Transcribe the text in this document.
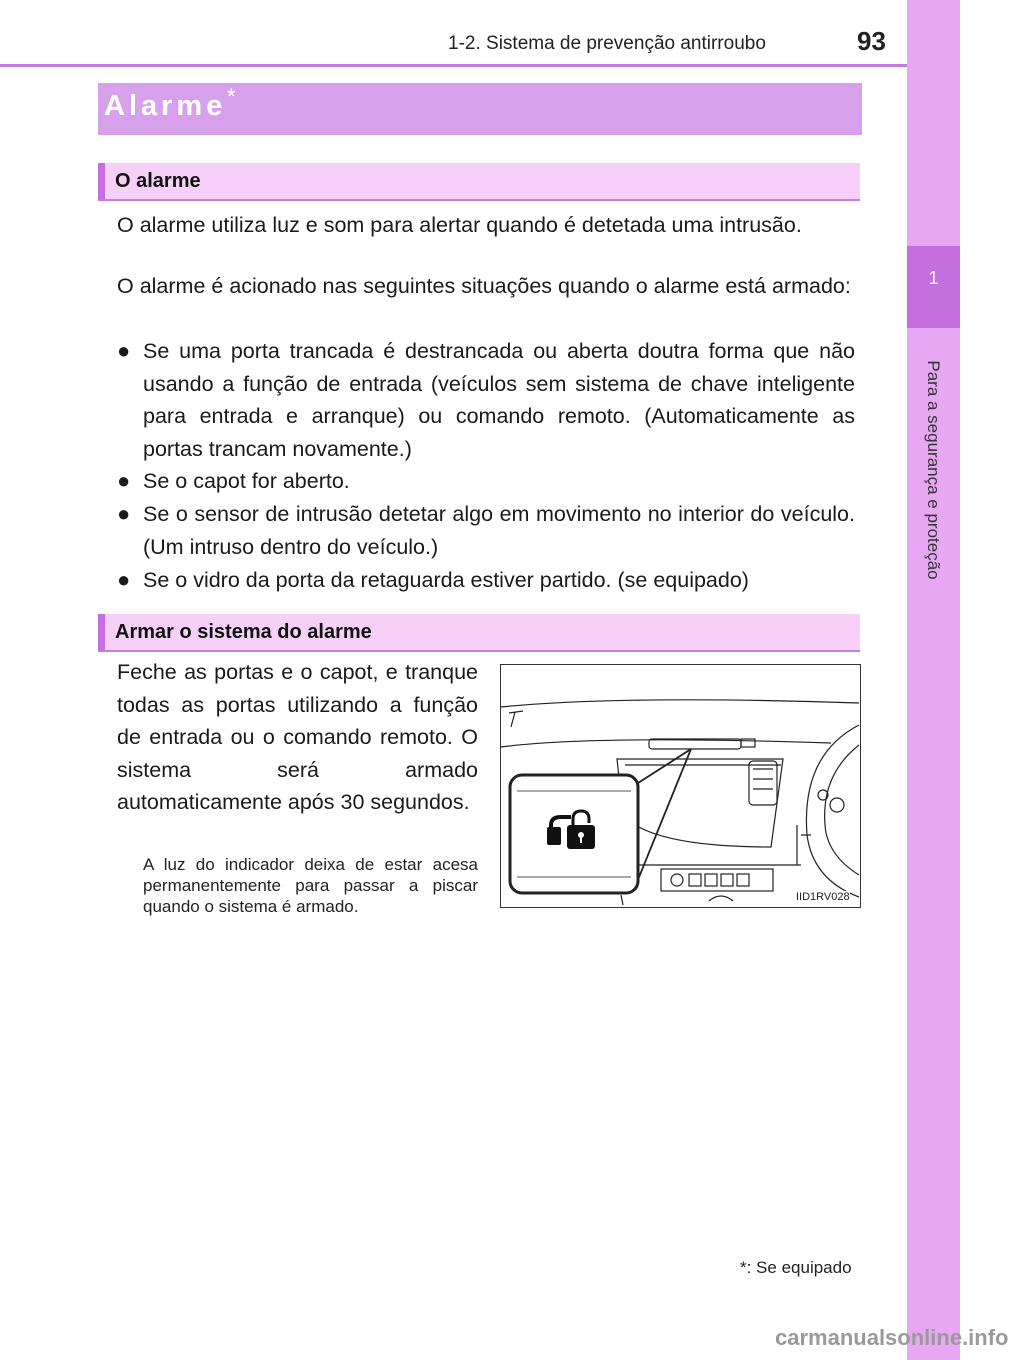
1-2. Sistema de prevenção antirroubo	93
1
Para a segurança e proteção
Alarme *
O alarme
O alarme utiliza luz e som para alertar quando é detetada uma intrusão.
O alarme é acionado nas seguintes situações quando o alarme está armado:
● Se uma porta trancada é destrancada ou aberta doutra forma que não usando a função de entrada (veículos sem sistema de chave inteligente para entrada e arranque) ou comando remoto. (Automaticamente as portas trancam novamente.)
● Se o capot for aberto.
● Se o sensor de intrusão detetar algo em movimento no interior do veículo. (Um intruso dentro do veículo.)
● Se o vidro da porta da retaguarda estiver partido. (se equipado)
Armar o sistema do alarme
Feche as portas e o capot, e tranque todas as portas utilizando a função de entrada ou o comando remoto. O sistema será armado automaticamente após 30 segundos.
A luz do indicador deixa de estar acesa permanentemente para passar a piscar quando o sistema é armado.	IID1RV028
*: Se equipado
carmanualsonline.info
